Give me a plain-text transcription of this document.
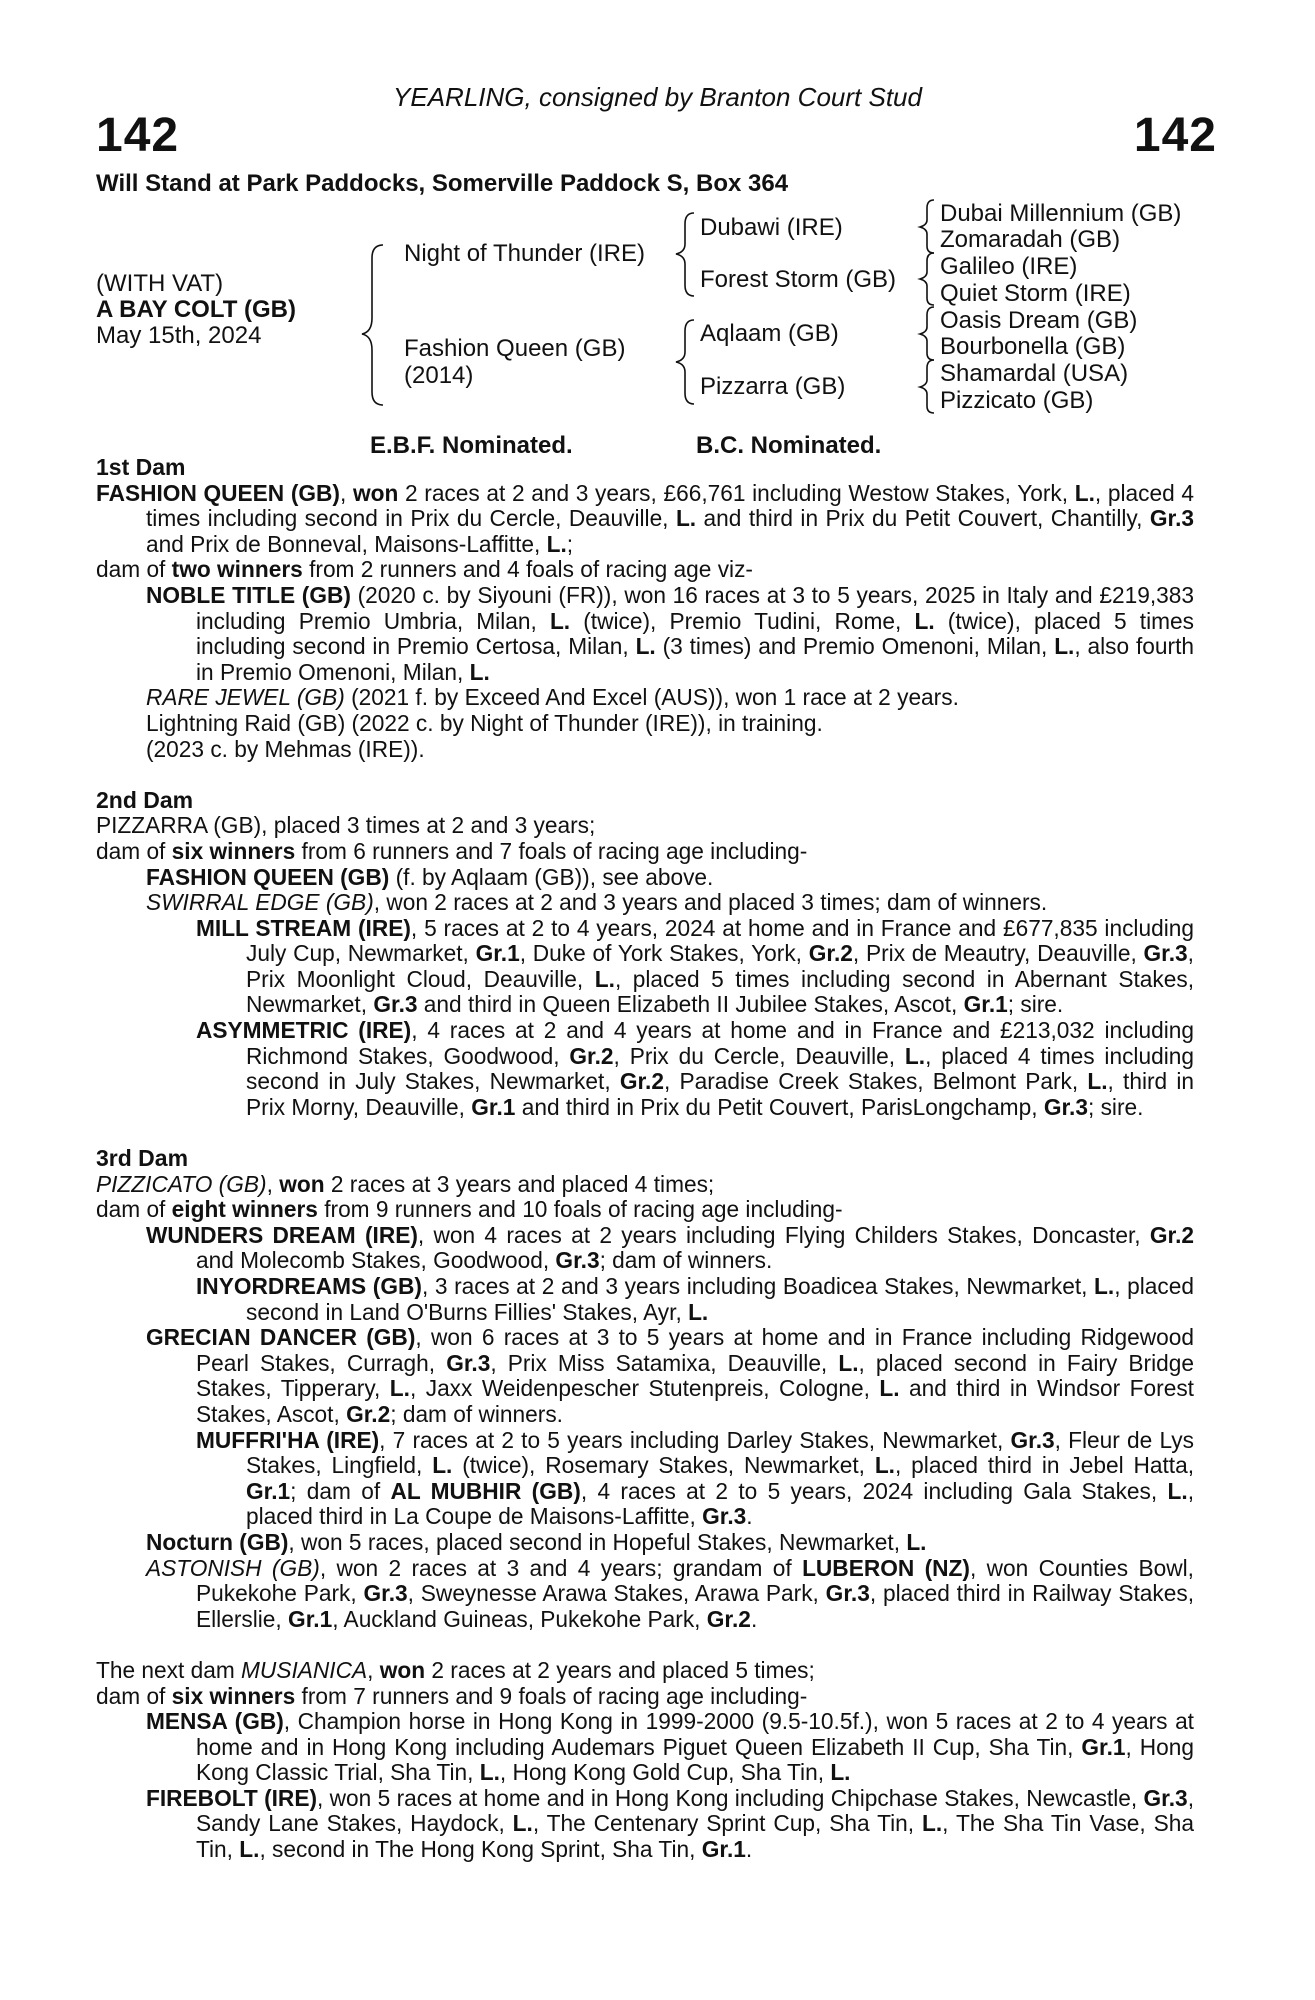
YEARLING, consigned by Branton Court Stud
142	142
Will Stand at Park Paddocks, Somerville Paddock S, Box 364
(WITH VAT)
A BAY COLT (GB)
May 15th, 2024
Night of Thunder (IRE)
Fashion Queen (GB)
(2014)
Dubawi (IRE)
Forest Storm (GB)
Aqlaam (GB)
Pizzarra (GB)
Dubai Millennium (GB)
Zomaradah (GB)
Galileo (IRE)
Quiet Storm (IRE)
Oasis Dream (GB)
Bourbonella (GB)
Shamardal (USA)
Pizzicato (GB)
E.B.F. Nominated.	B.C. Nominated.
1st Dam
FASHION QUEEN (GB), won 2 races at 2 and 3 years, £66,761 including Westow Stakes, York, L., placed 4 times including second in Prix du Cercle, Deauville, L. and third in Prix du Petit Couvert, Chantilly, Gr.3 and Prix de Bonneval, Maisons-Laffitte, L.;
dam of two winners from 2 runners and 4 foals of racing age viz-
NOBLE TITLE (GB) (2020 c. by Siyouni (FR)), won 16 races at 3 to 5 years, 2025 in Italy and £219,383 including Premio Umbria, Milan, L. (twice), Premio Tudini, Rome, L. (twice), placed 5 times including second in Premio Certosa, Milan, L. (3 times) and Premio Omenoni, Milan, L., also fourth in Premio Omenoni, Milan, L.
RARE JEWEL (GB) (2021 f. by Exceed And Excel (AUS)), won 1 race at 2 years.
Lightning Raid (GB) (2022 c. by Night of Thunder (IRE)), in training.
(2023 c. by Mehmas (IRE)).
2nd Dam
PIZZARRA (GB), placed 3 times at 2 and 3 years;
dam of six winners from 6 runners and 7 foals of racing age including-
FASHION QUEEN (GB) (f. by Aqlaam (GB)), see above.
SWIRRAL EDGE (GB), won 2 races at 2 and 3 years and placed 3 times; dam of winners.
MILL STREAM (IRE), 5 races at 2 to 4 years, 2024 at home and in France and £677,835 including July Cup, Newmarket, Gr.1, Duke of York Stakes, York, Gr.2, Prix de Meautry, Deauville, Gr.3, Prix Moonlight Cloud, Deauville, L., placed 5 times including second in Abernant Stakes, Newmarket, Gr.3 and third in Queen Elizabeth II Jubilee Stakes, Ascot, Gr.1; sire.
ASYMMETRIC (IRE), 4 races at 2 and 4 years at home and in France and £213,032 including Richmond Stakes, Goodwood, Gr.2, Prix du Cercle, Deauville, L., placed 4 times including second in July Stakes, Newmarket, Gr.2, Paradise Creek Stakes, Belmont Park, L., third in Prix Morny, Deauville, Gr.1 and third in Prix du Petit Couvert, ParisLongchamp, Gr.3; sire.
3rd Dam
PIZZICATO (GB), won 2 races at 3 years and placed 4 times;
dam of eight winners from 9 runners and 10 foals of racing age including-
WUNDERS DREAM (IRE), won 4 races at 2 years including Flying Childers Stakes, Doncaster, Gr.2 and Molecomb Stakes, Goodwood, Gr.3; dam of winners.
INYORDREAMS (GB), 3 races at 2 and 3 years including Boadicea Stakes, Newmarket, L., placed second in Land O'Burns Fillies' Stakes, Ayr, L.
GRECIAN DANCER (GB), won 6 races at 3 to 5 years at home and in France including Ridgewood Pearl Stakes, Curragh, Gr.3, Prix Miss Satamixa, Deauville, L., placed second in Fairy Bridge Stakes, Tipperary, L., Jaxx Weidenpescher Stutenpreis, Cologne, L. and third in Windsor Forest Stakes, Ascot, Gr.2; dam of winners.
MUFFRI'HA (IRE), 7 races at 2 to 5 years including Darley Stakes, Newmarket, Gr.3, Fleur de Lys Stakes, Lingfield, L. (twice), Rosemary Stakes, Newmarket, L., placed third in Jebel Hatta, Gr.1; dam of AL MUBHIR (GB), 4 races at 2 to 5 years, 2024 including Gala Stakes, L., placed third in La Coupe de Maisons-Laffitte, Gr.3.
Nocturn (GB), won 5 races, placed second in Hopeful Stakes, Newmarket, L.
ASTONISH (GB), won 2 races at 3 and 4 years; grandam of LUBERON (NZ), won Counties Bowl, Pukekohe Park, Gr.3, Sweynesse Arawa Stakes, Arawa Park, Gr.3, placed third in Railway Stakes, Ellerslie, Gr.1, Auckland Guineas, Pukekohe Park, Gr.2.
The next dam MUSIANICA, won 2 races at 2 years and placed 5 times;
dam of six winners from 7 runners and 9 foals of racing age including-
MENSA (GB), Champion horse in Hong Kong in 1999-2000 (9.5-10.5f.), won 5 races at 2 to 4 years at home and in Hong Kong including Audemars Piguet Queen Elizabeth II Cup, Sha Tin, Gr.1, Hong Kong Classic Trial, Sha Tin, L., Hong Kong Gold Cup, Sha Tin, L.
FIREBOLT (IRE), won 5 races at home and in Hong Kong including Chipchase Stakes, Newcastle, Gr.3, Sandy Lane Stakes, Haydock, L., The Centenary Sprint Cup, Sha Tin, L., The Sha Tin Vase, Sha Tin, L., second in The Hong Kong Sprint, Sha Tin, Gr.1.
